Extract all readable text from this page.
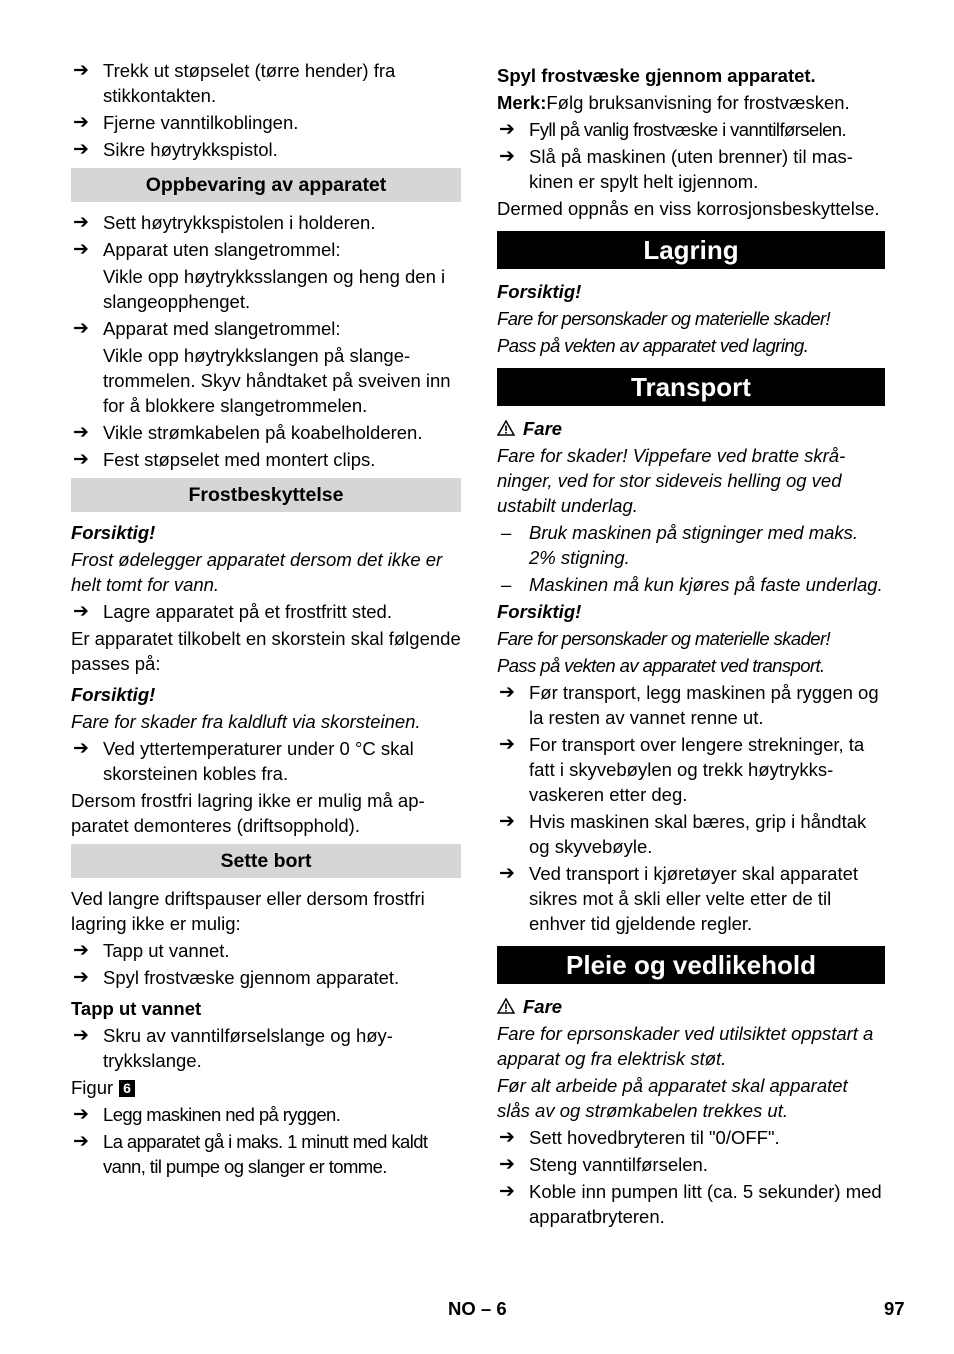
➔ Trekk ut støpselet (tørre hender) fra stikkontakten.
➔ Fjerne vanntilkoblingen.
➔ Sikre høytrykkspistol.
Oppbevaring av apparatet
➔ Sett høytrykkspistolen i holderen.
➔ Apparat uten slangetrommel:
Vikle opp høytrykksslangen og heng den i slangeopphenget.
➔ Apparat med slangetrommel:
Vikle opp høytrykkslangen på slangetrommelen. Skyv håndtaket på sveiven inn for å blokkere slangetrommelen.
➔ Vikle strømkabelen på koabelholderen.
➔ Fest støpselet med montert clips.
Frostbeskyttelse
Forsiktig!
Frost ødelegger apparatet dersom det ikke er helt tomt for vann.
➔ Lagre apparatet på et frostfritt sted.
Er apparatet tilkobelt en skorstein skal følgende passes på:
Forsiktig!
Fare for skader fra kaldluft via skorsteinen.
➔ Ved yttertemperaturer under 0 °C skal skorsteinen kobles fra.
Dersom frostfri lagring ikke er mulig må apparatet demonteres (driftsopphold).
Sette bort
Ved langre driftspauser eller dersom frostfri lagring ikke er mulig:
➔ Tapp ut vannet.
➔ Spyl frostvæske gjennom apparatet.
Tapp ut vannet
➔ Skru av vanntilførselslange og høytrykkslange.
Figur 6
➔ Legg maskinen ned på ryggen.
➔ La apparatet gå i maks. 1 minutt med kaldt vann, til pumpe og slanger er tomme.
Spyl frostvæske gjennom apparatet.
Merk:Følg bruksanvisning for frostvæsken.
➔ Fyll på vanlig frostvæske i vanntilførselen.
➔ Slå på maskinen (uten brenner) til maskinen er spylt helt igjennom.
Dermed oppnås en viss korrosjonsbeskyttelse.
Lagring
Forsiktig!
Fare for personskader og materielle skader!
Pass på vekten av apparatet ved lagring.
Transport
Fare
Fare for skader! Vippefare ved bratte skråninger, ved for stor sideveis helling og ved ustabilt underlag.
– Bruk maskinen på stigninger med maks. 2% stigning.
– Maskinen må kun kjøres på faste underlag.
Forsiktig!
Fare for personskader og materielle skader!
Pass på vekten av apparatet ved transport.
➔ Før transport, legg maskinen på ryggen og la resten av vannet renne ut.
➔ For transport over lengere strekninger, ta fatt i skyvebøylen og trekk høytrykksvaskeren etter deg.
➔ Hvis maskinen skal bæres, grip i håndtak og skyvebøyle.
➔ Ved transport i kjøretøyer skal apparatet sikres mot å skli eller velte etter de til enhver tid gjeldende regler.
Pleie og vedlikehold
Fare
Fare for eprsonskader ved utilsiktet oppstart a apparat og fra elektrisk støt.
Før alt arbeide på apparatet skal apparatet slås av og strømkabelen trekkes ut.
➔ Sett hovedbryteren til "0/OFF".
➔ Steng vanntilførselen.
➔ Koble inn pumpen litt (ca. 5 sekunder) med apparatbryteren.
NO – 6	97
